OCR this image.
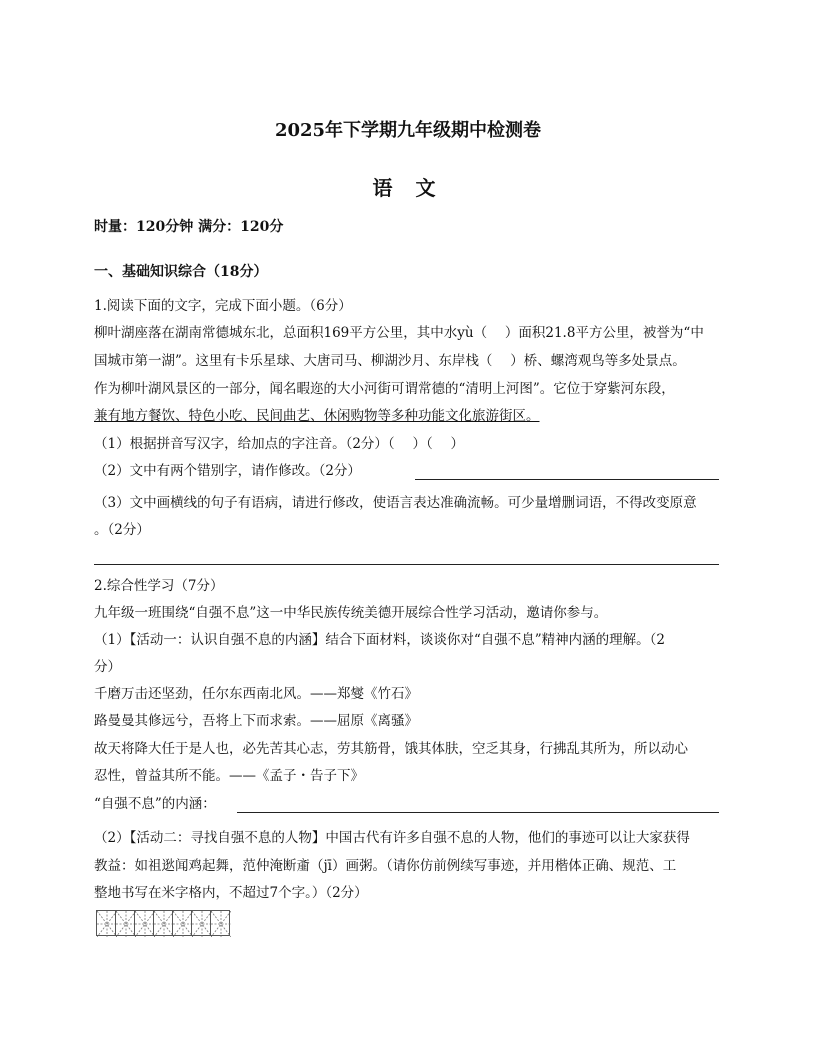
2025年下学期九年级期中检测卷
语 文
时量：120分钟 满分：120分
一、基础知识综合（18分）
1.阅读下面的文字，完成下面小题。（6分）
柳叶湖座落在湖南常德城东北，总面积169平方公里，其中水yù（　 ）面积21.8平方公里，被誉为“中
国城市第一湖”。这里有卡乐星球、大唐司马、柳湖沙月、东岸栈（　 ）桥、螺湾观鸟等多处景点。
作为柳叶湖风景区的一部分，闻名暇迩的大小河街可谓常德的“清明上河图”。它位于穿紫河东段，
兼有地方餐饮、特色小吃、民间曲艺、休闲购物等多种功能文化旅游街区。
（1）根据拼音写汉字，给加点的字注音。（2分）（　 ）（　 ）
（2）文中有两个错别字，请作修改。（2分）
（3）文中画横线的句子有语病，请进行修改，使语言表达准确流畅。可少量增删词语，不得改变原意
。（2分）
2.综合性学习（7分）
九年级一班围绕“自强不息”这一中华民族传统美德开展综合性学习活动，邀请你参与。
（1）【活动一：认识自强不息的内涵】结合下面材料，谈谈你对“自强不息”精神内涵的理解。（2
分）
千磨万击还坚劲，任尔东西南北风。——郑燮《竹石》
路曼曼其修远兮，吾将上下而求索。——屈原《离骚》
故天将降大任于是人也，必先苦其心志，劳其筋骨，饿其体肤，空乏其身，行拂乱其所为，所以动心
忍性，曾益其所不能。——《孟子・告子下》
“自强不息”的内涵：
（2）【活动二：寻找自强不息的人物】中国古代有许多自强不息的人物，他们的事迹可以让大家获得
教益：如祖逖闻鸡起舞，范仲淹断齑（jī）画粥。（请你仿前例续写事迹，并用楷体正确、规范、工
整地书写在米字格内，不超过7个字。）（2分）
